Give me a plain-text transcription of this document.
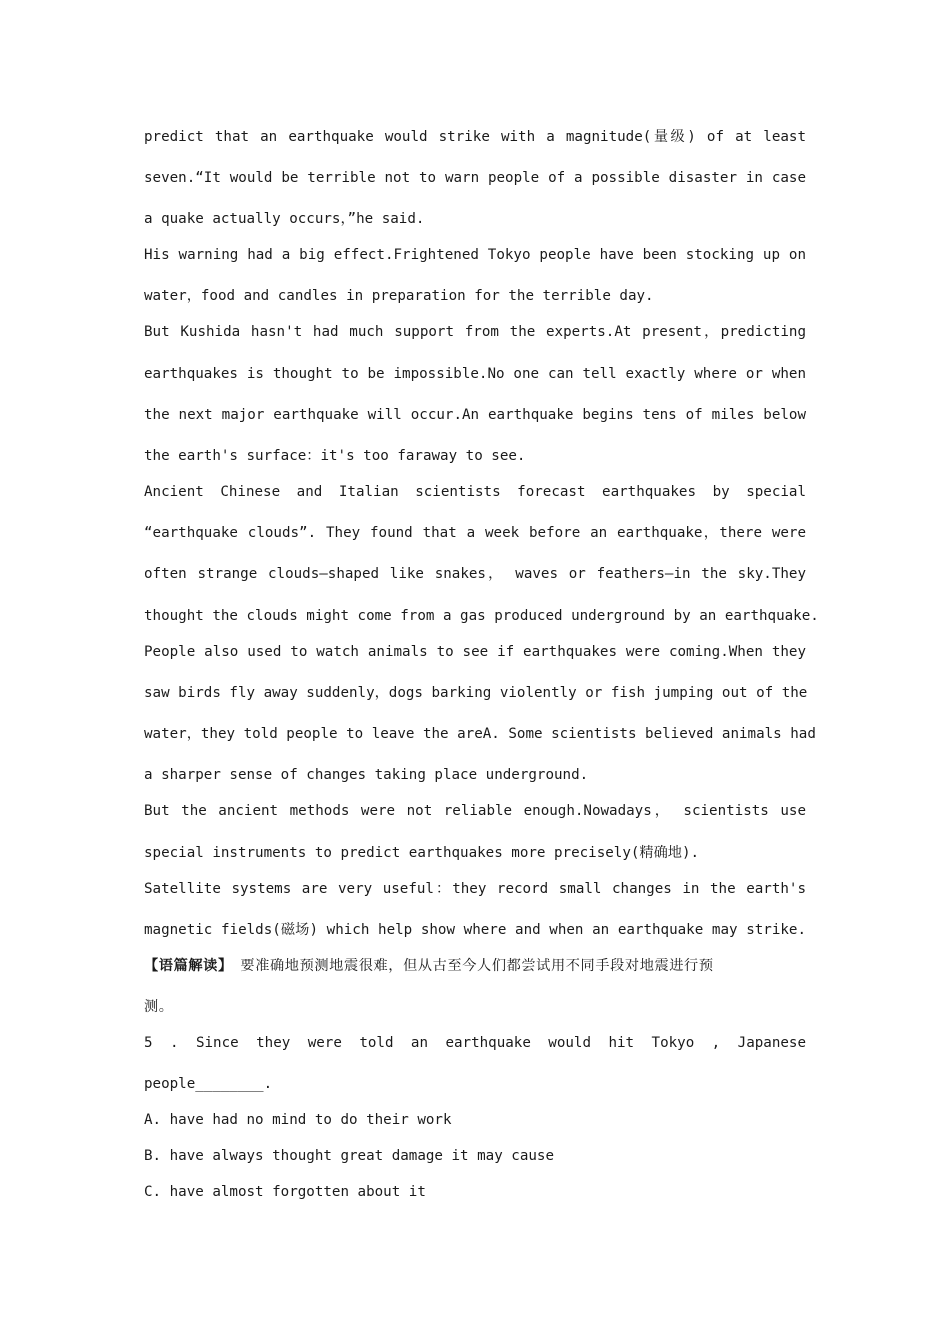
predict that an earthquake would strike with a magnitude(量级) of at least
seven.“It would be terrible not to warn people of a possible disaster in case
a quake actually occurs，”he said.
His warning had a big effect.Frightened Tokyo people have been stocking up on
water，food and candles in preparation for the terrible day.
But Kushida hasn't had much support from the experts.At present，predicting
earthquakes is thought to be impossible.No one can tell exactly where or when
the next major earthquake will occur.An earthquake begins tens of miles below
the earth's surface：it's too faraway to see.
Ancient Chinese and Italian scientists forecast earthquakes by special
“earthquake clouds”. They found that a week before an earthquake，there were
often strange clouds—shaped like snakes， waves or feathers—in the sky.They
thought the clouds might come from a gas produced underground by an earthquake.
People also used to watch animals to see if earthquakes were coming.When they
saw birds fly away suddenly，dogs barking violently or fish jumping out of the
water，they told people to leave the areA. Some scientists believed animals had
a sharper sense of changes taking place underground.
But the ancient methods were not reliable enough.Nowadays， scientists use
special instruments to predict earthquakes more precisely(精确地).
Satellite systems are very useful：they record small changes in the earth's
magnetic fields(磁场) which help show where and when an earthquake may strike.
【语篇解读】　要准确地预测地震很难，但从古至今人们都尝试用不同手段对地震进行预
测。
5 . Since they were told an earthquake would hit Tokyo , Japanese
people________.
A. have had no mind to do their work
B. have always thought great damage it may cause
C. have almost forgotten about it
